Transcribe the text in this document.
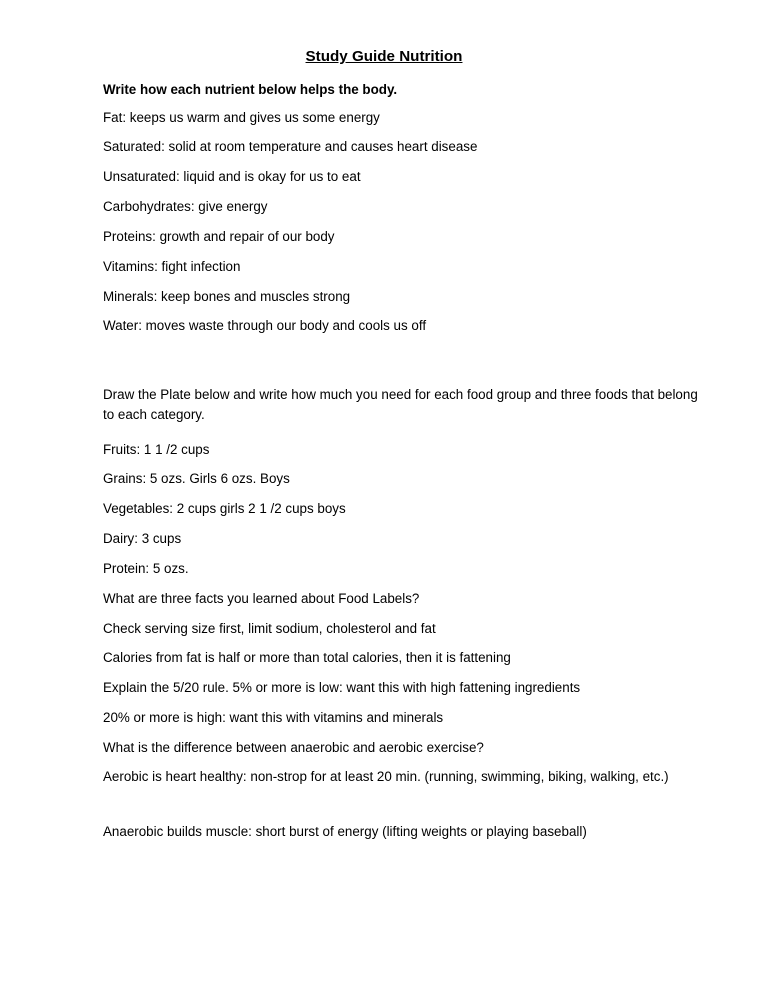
Study Guide Nutrition
Write how each nutrient below helps the body.
Fat: keeps us warm and gives us some energy
Saturated: solid at room temperature and causes heart disease
Unsaturated: liquid and is okay for us to eat
Carbohydrates: give energy
Proteins: growth and repair of our body
Vitamins: fight infection
Minerals: keep bones and muscles strong
Water: moves waste through our body and cools us off
Draw the Plate below and write how much you need for each food group and three foods that belong to each category.
Fruits: 1 1 /2 cups
Grains: 5 ozs. Girls 6 ozs. Boys
Vegetables: 2 cups girls 2 1 /2 cups boys
Dairy: 3 cups
Protein: 5 ozs.
What are three facts you learned about Food Labels?
Check serving size first, limit sodium, cholesterol and fat
Calories from fat is half or more than total calories, then it is fattening
Explain the 5/20 rule. 5% or more is low: want this with high fattening ingredients
20% or more is high: want this with vitamins and minerals
What is the difference between anaerobic and aerobic exercise?
Aerobic is heart healthy: non-strop for at least 20 min. (running, swimming, biking, walking, etc.)
Anaerobic builds muscle: short burst of energy (lifting weights or playing baseball)
